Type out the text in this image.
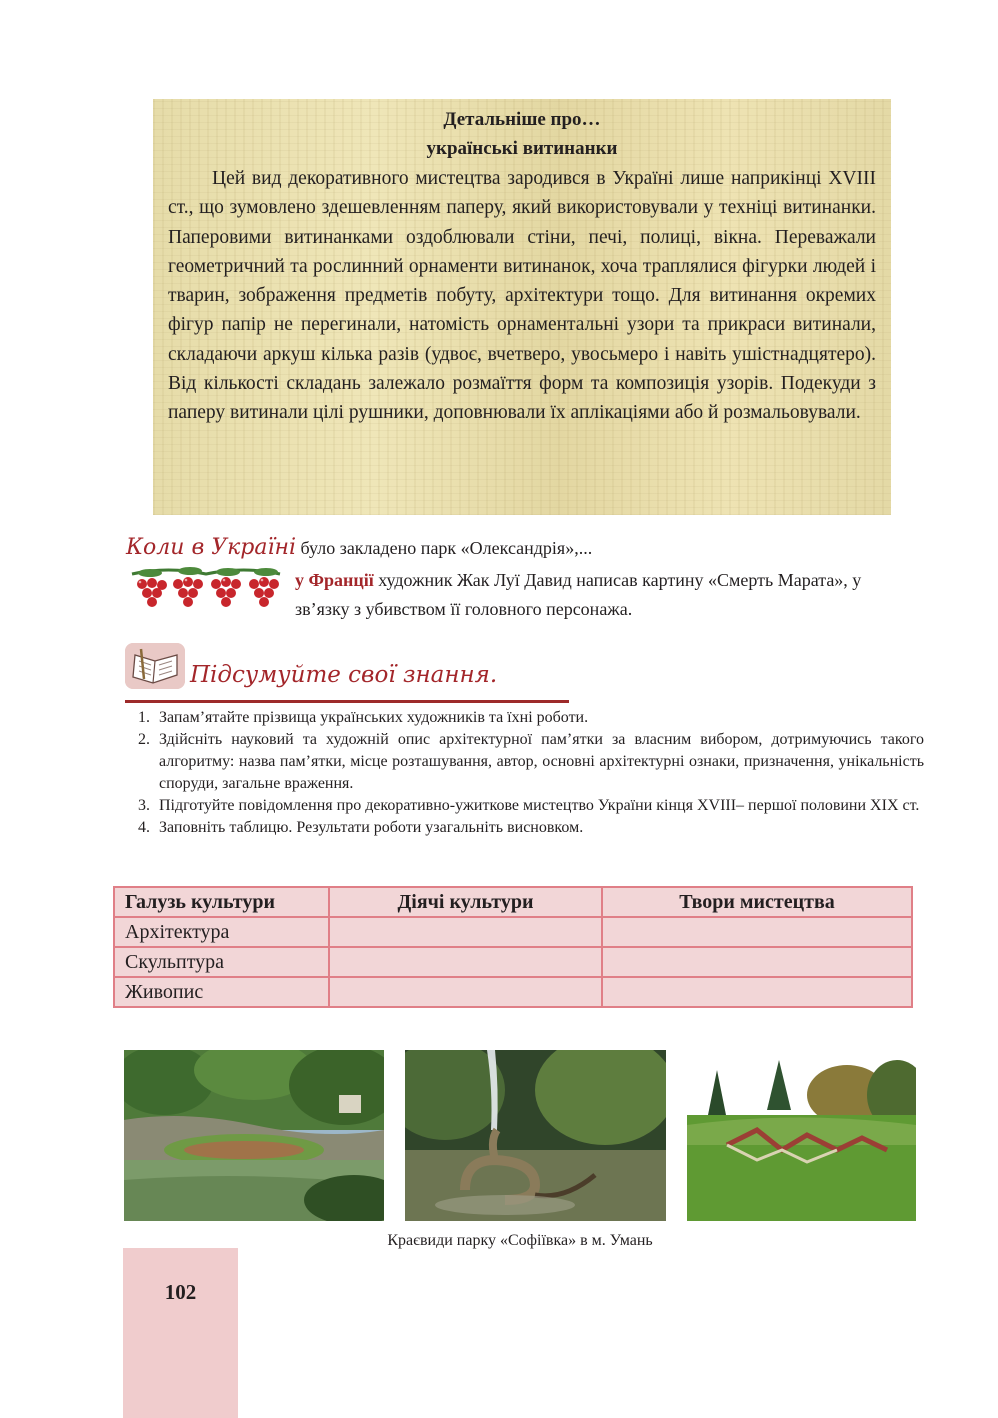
Детальніше про…
українські витинанки

Цей вид декоративного мистецтва зародився в Україні лише наприкінці XVIII ст., що зумовлено здешевленням паперу, який використовували у техніці витинанки. Паперовими витинанками оздоблювали стіни, печі, полиці, вікна. Переважали геометричний та рослинний орнаменти витинанок, хоча траплялися фігурки людей і тварин, зображення предметів побуту, архітектури тощо. Для витинання окремих фігур папір не перегинали, натомість орнаментальні узори та прикраси витинали, складаючи аркуш кілька разів (удвоє, вчетверо, увосьмеро і навіть ушістнадцятеро). Від кількості складань залежало розмаїття форм та композиція узорів. Подекуди з паперу витинали цілі рушники, доповнювали їх аплікаціями або й розмальовували.

Коли в Україні було закладено парк «Олександрія»,...
у Франції художник Жак Луї Давид написав картину «Смерть Марата», у зв’язку з убивством її головного персонажа.
Підсумуйте свої знання.
1. Запам’ятайте прізвища українських художників та їхні роботи.
2. Здійсніть науковий та художній опис архітектурної пам’ятки за власним вибором, дотримуючись такого алгоритму: назва пам’ятки, місце розташування, автор, основні архітектурні ознаки, призначення, унікальність споруди, загальне враження.
3. Підготуйте повідомлення про декоративно-ужиткове мистецтво України кінця XVIII– першої половини XIX ст.
4. Заповніть таблицю. Результати роботи узагальніть висновком.
Галузь культури	Діячі культури	Твори мистецтва
Архітектура		
Скульптура		
Живопис		
Краєвиди парку «Софіївка» в м. Умань
102
